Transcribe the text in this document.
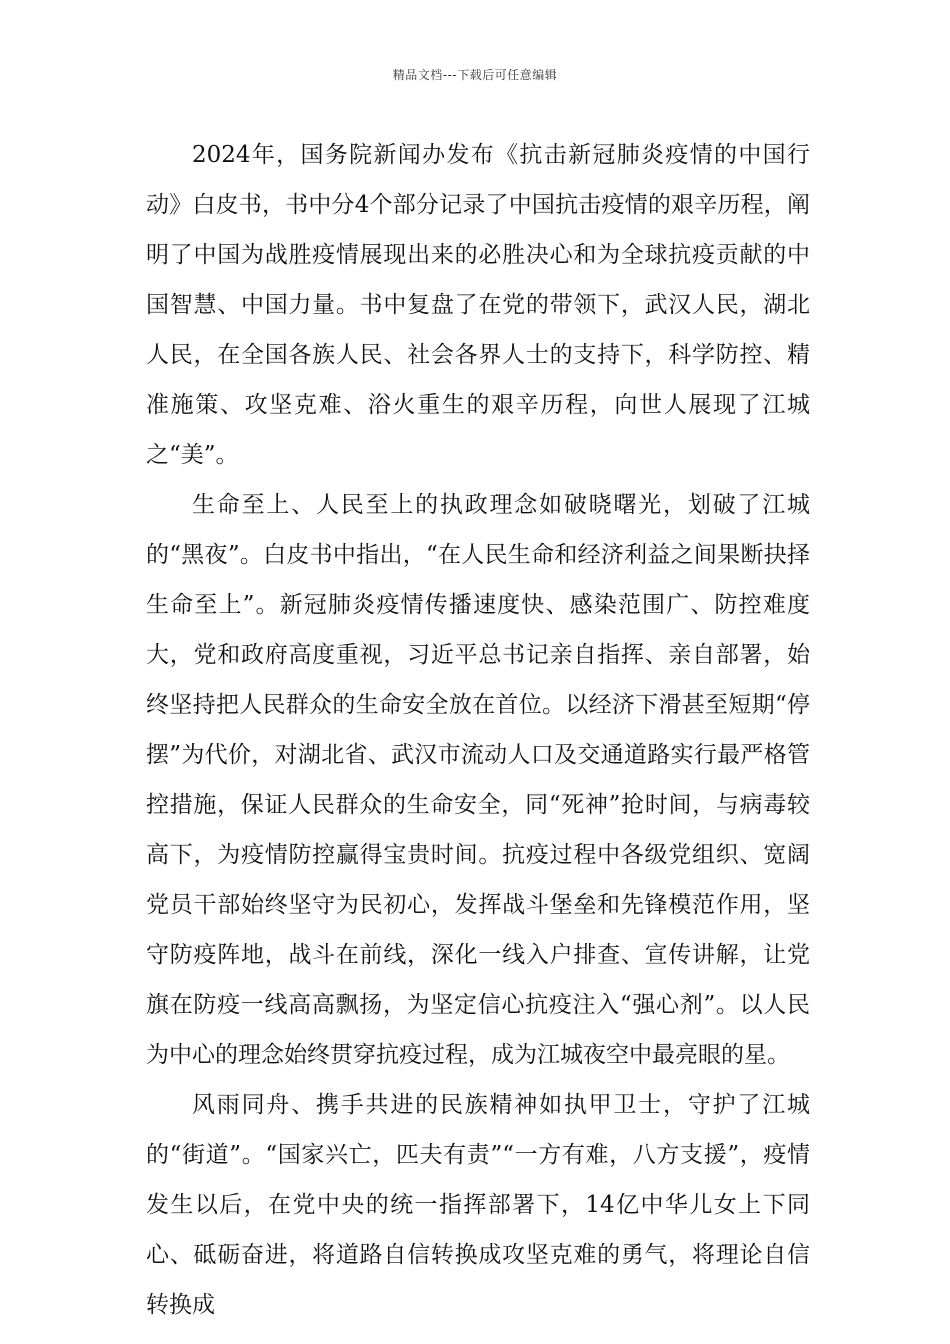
精品文档---下载后可任意编辑

2024年，国务院新闻办发布《抗击新冠肺炎疫情的中国行动》白皮书，书中分4个部分记录了中国抗击疫情的艰辛历程，阐明了中国为战胜疫情展现出来的必胜决心和为全球抗疫贡献的中国智慧、中国力量。书中复盘了在党的带领下，武汉人民，湖北人民，在全国各族人民、社会各界人士的支持下，科学防控、精准施策、攻坚克难、浴火重生的艰辛历程，向世人展现了江城之“美”。

生命至上、人民至上的执政理念如破晓曙光，划破了江城的“黑夜”。白皮书中指出，“在人民生命和经济利益之间果断抉择生命至上”。新冠肺炎疫情传播速度快、感染范围广、防控难度大，党和政府高度重视，习近平总书记亲自指挥、亲自部署，始终坚持把人民群众的生命安全放在首位。以经济下滑甚至短期“停摆”为代价，对湖北省、武汉市流动人口及交通道路实行最严格管控措施，保证人民群众的生命安全，同“死神”抢时间，与病毒较高下，为疫情防控赢得宝贵时间。抗疫过程中各级党组织、宽阔党员干部始终坚守为民初心，发挥战斗堡垒和先锋模范作用，坚守防疫阵地，战斗在前线，深化一线入户排查、宣传讲解，让党旗在防疫一线高高飘扬，为坚定信心抗疫注入“强心剂”。以人民为中心的理念始终贯穿抗疫过程，成为江城夜空中最亮眼的星。

风雨同舟、携手共进的民族精神如执甲卫士，守护了江城的“街道”。“国家兴亡，匹夫有责”“一方有难，八方支援”，疫情发生以后，在党中央的统一指挥部署下，14亿中华儿女上下同心、砥砺奋进，将道路自信转换成攻坚克难的勇气，将理论自信转换成
